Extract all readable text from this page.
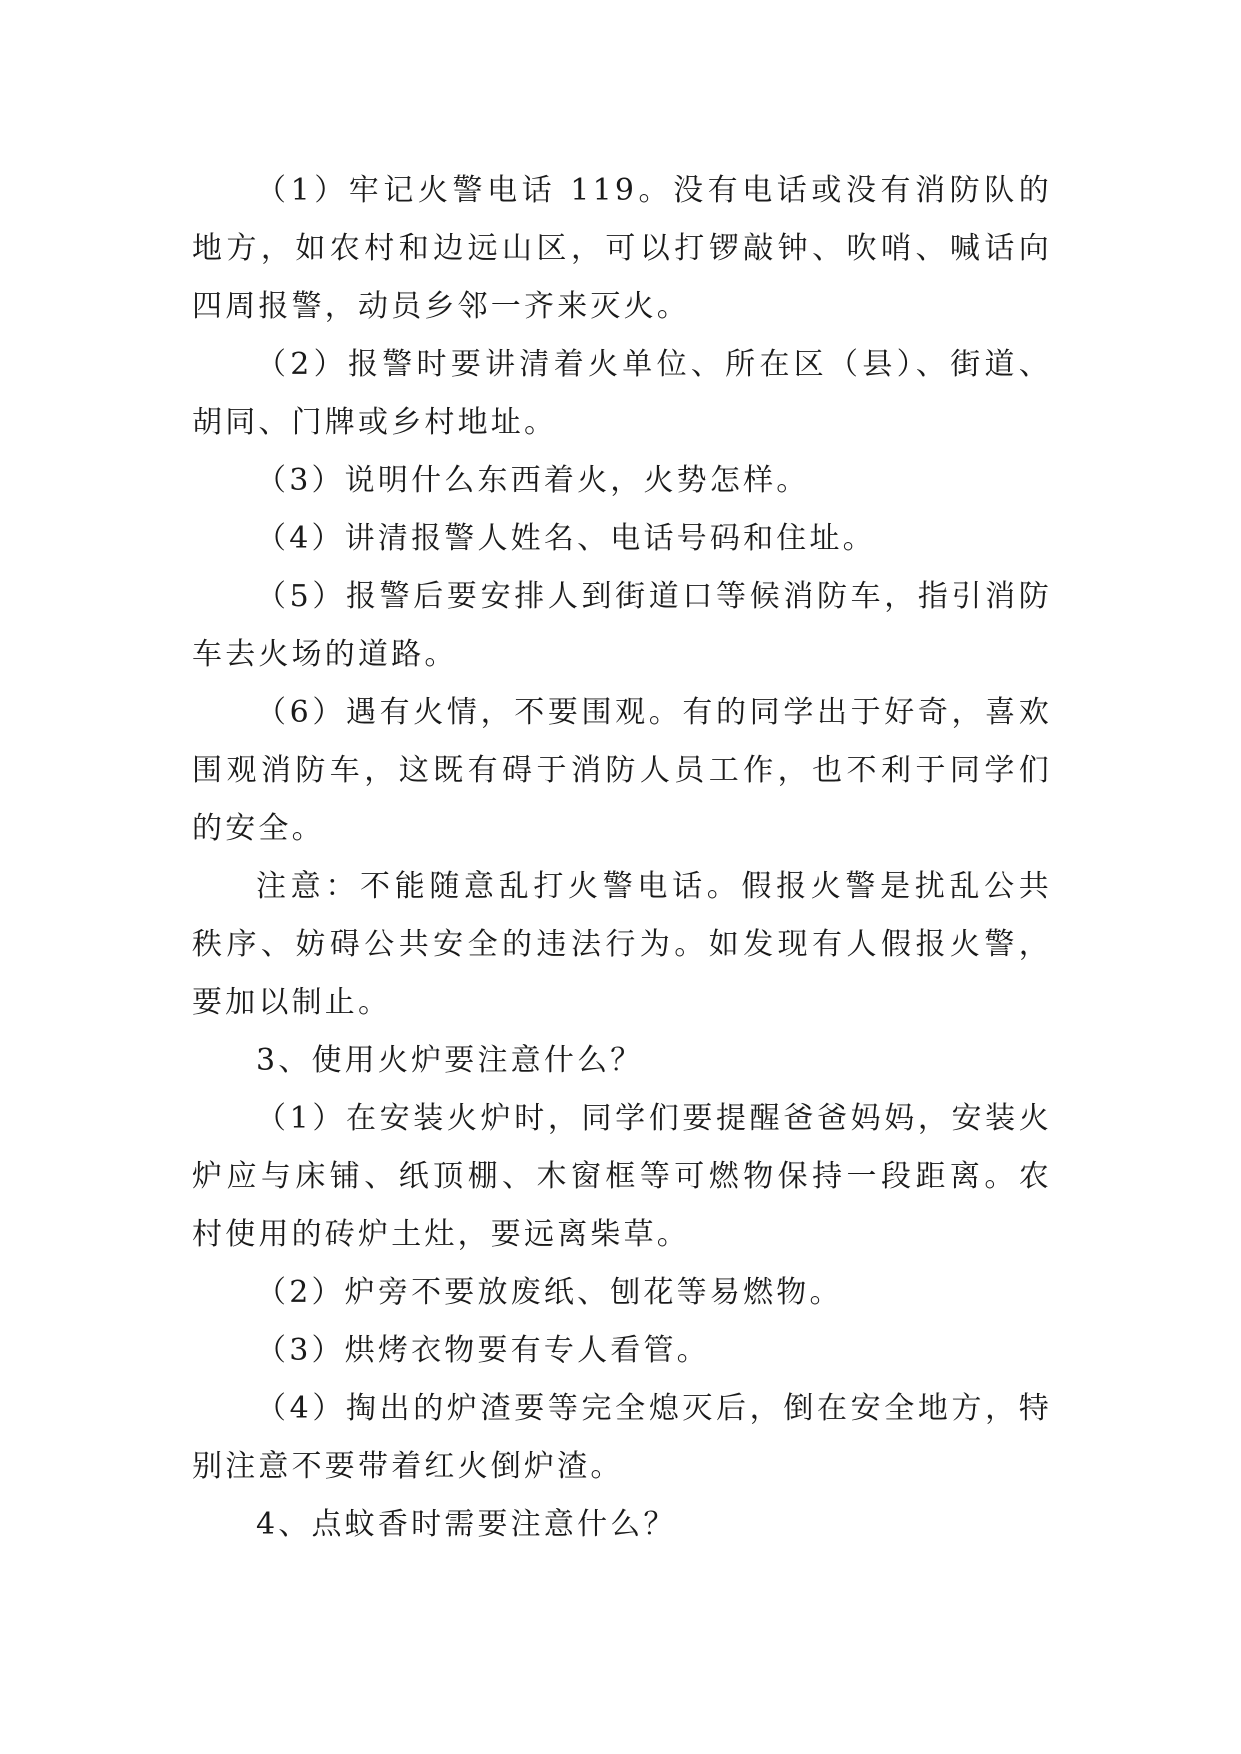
（1）牢记火警电话 119。没有电话或没有消防队的地方，如农村和边远山区，可以打锣敲钟、吹哨、喊话向四周报警，动员乡邻一齐来灭火。

（2）报警时要讲清着火单位、所在区（县）、街道、胡同、门牌或乡村地址。

（3）说明什么东西着火，火势怎样。

（4）讲清报警人姓名、电话号码和住址。

（5）报警后要安排人到街道口等候消防车，指引消防车去火场的道路。

（6）遇有火情，不要围观。有的同学出于好奇，喜欢围观消防车，这既有碍于消防人员工作，也不利于同学们的安全。

注意：不能随意乱打火警电话。假报火警是扰乱公共秩序、妨碍公共安全的违法行为。如发现有人假报火警，要加以制止。

3、使用火炉要注意什么？

（1）在安装火炉时，同学们要提醒爸爸妈妈，安装火炉应与床铺、纸顶棚、木窗框等可燃物保持一段距离。农村使用的砖炉土灶，要远离柴草。

（2）炉旁不要放废纸、刨花等易燃物。

（3）烘烤衣物要有专人看管。

（4）掏出的炉渣要等完全熄灭后，倒在安全地方，特别注意不要带着红火倒炉渣。

4、点蚊香时需要注意什么？
